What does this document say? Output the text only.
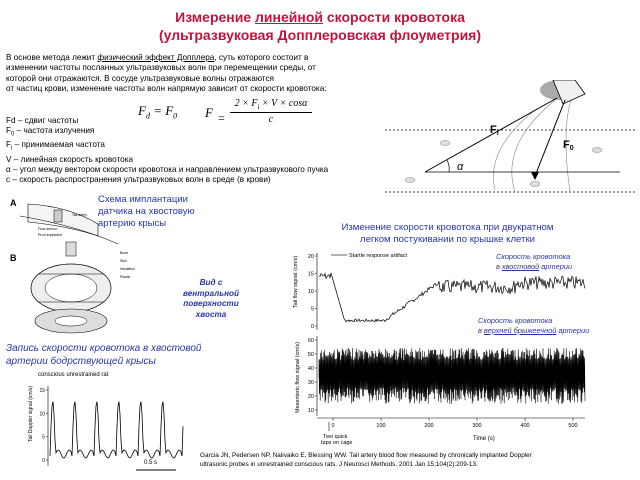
Измерение линейной скорости кровотока
(ультразвуковая Допплеровская флоуметрия)
В основе метода лежит физический эффект Допплера, суть которого состоит в
изменении частоты посланных ультразвуковых волн при перемещении среды, от
которой они отражаются. В сосуде ультразвуковые волны отражаются
от частиц крови, изменение частоты волн напрямую зависит от скорости кровотока:
$F_d = F_0$ $F = \frac{2 \times F_i \times V \times \cos\alpha}{c}$
Fd – сдвиг частоты
$F_0$ – частота излучения
$F_i$ – принимаемая частота
V – линейная скорость кровотока
α – угол между вектором скорости кровотока и направлением ультразвукового пучка
с – скорость распространения ультразвуковых волн в среде (в крови)
Fi
F0
α
Схема имплантации
датчика на хвостовую
артерию крысы
A
Flow sensor
Pivot implanted
Tail artery
B	Bone
Skin
Insulation
Plastic
Вид с
вентральной
поверхности
хвоста
Запись скорости кровотока в хвостовой
артерии бодрствующей крысы
conscious unrestrained rat
Tail Doppler signal (cm/s) 15
10
5
0	0.5 s
Изменение скорости кровотока при двукратном
легком постукивании по крышке клетки
Tail flow signal (cm/s) 20
15
10
5
0
Startle response artifact
Mesenteric flow signal (cm/s)
60
50
40
30
20
10
0	100	200	300	400	500
Time (s)
Two quick
taps on cage
Скорость кровотока
в хвостовой артерии
Скорость кровотока
в верхней брыжеечной артерии
Garcia JN, Pedersen NP, Nalivaiko E, Blessing WW. Tail artery blood flow measured by chronically implanted Doppler
ultrasonic probes in unrestrained conscious rats. J Neurosci Methods. 2001 Jan 15;104(2):209-13.
